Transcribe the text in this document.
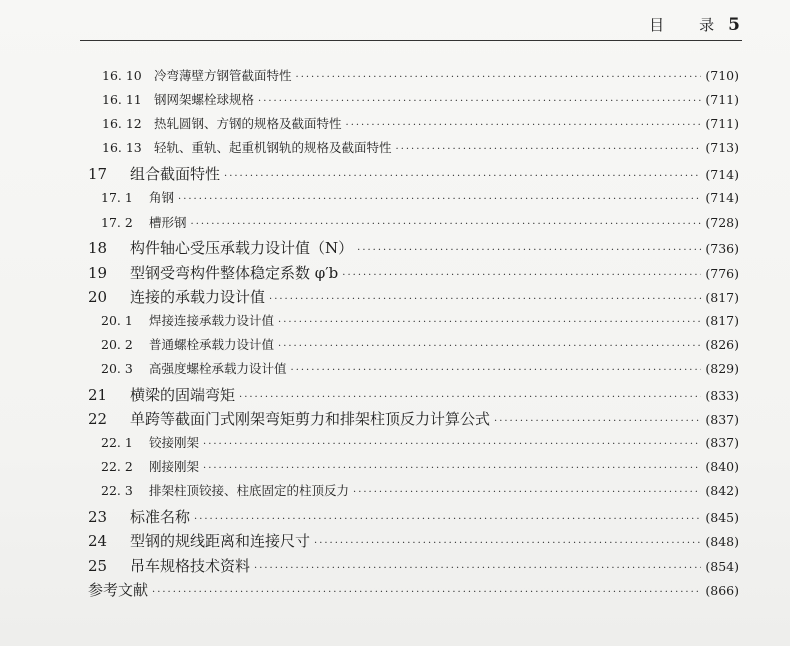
目　录 5
16. 10 冷弯薄壁方钢管截面特性 ·····	(710)
16. 11 钢网架螺栓球规格 ·····	(711)
16. 12 热轧圆钢、方钢的规格及截面特性 ·····	(711)
16. 13 轻轨、重轨、起重机钢轨的规格及截面特性 ·····	(713)
17	组合截面特性 ·····	(714)
17. 1	角钢 ·····	(714)
17. 2	槽形钢 ·····	(728)
18	构件轴心受压承载力设计值（N） ·····	(736)
19	型钢受弯构件整体稳定系数 φ′b ·····	(776)
20	连接的承载力设计值 ·····	(817)
20. 1	焊接连接承载力设计值 ·····	(817)
20. 2	普通螺栓承载力设计值 ·····	(826)
20. 3	高强度螺栓承载力设计值 ·····	(829)
21	横梁的固端弯矩 ·····	(833)
22	单跨等截面门式刚架弯矩剪力和排架柱顶反力计算公式 ·····	(837)
22. 1	铰接刚架 ·····	(837)
22. 2	刚接刚架 ·····	(840)
22. 3	排架柱顶铰接、柱底固定的柱顶反力 ·····	(842)
23	标准名称 ·····	(845)
24	型钢的规线距离和连接尺寸 ·····	(848)
25	吊车规格技术资料 ·····	(854)
参考文献 ·····	(866)
